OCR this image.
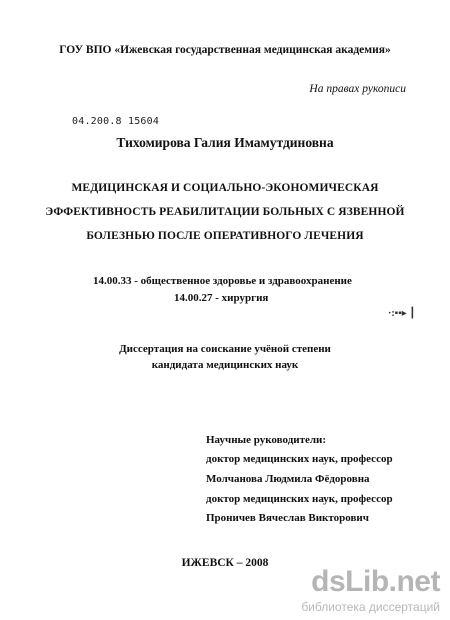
ГОУ ВПО «Ижевская государственная медицинская академия»
На правах рукописи
04.200.8 15604
Тихомирова Галия Имамутдиновна
МЕДИЦИНСКАЯ И СОЦИАЛЬНО-ЭКОНОМИЧЕСКАЯ
ЭФФЕКТИВНОСТЬ РЕАБИЛИТАЦИИ БОЛЬНЫХ С ЯЗВЕННОЙ
БОЛЕЗНЬЮ ПОСЛЕ ОПЕРАТИВНОГО ЛЕЧЕНИЯ
14.00.33 - общественное здоровье и здравоохранение
14.00.27 - хирургия
·:▪▪▸ ┃
Диссертация на соискание учёной степени
кандидата медицинских наук
Научные руководители:
доктор медицинских наук, профессор
Молчанова Людмила Фёдоровна
доктор медицинских наук, профессор
Проничев Вячеслав Викторович
ИЖЕВСК – 2008
dsLib.net
библиотека диссертаций
